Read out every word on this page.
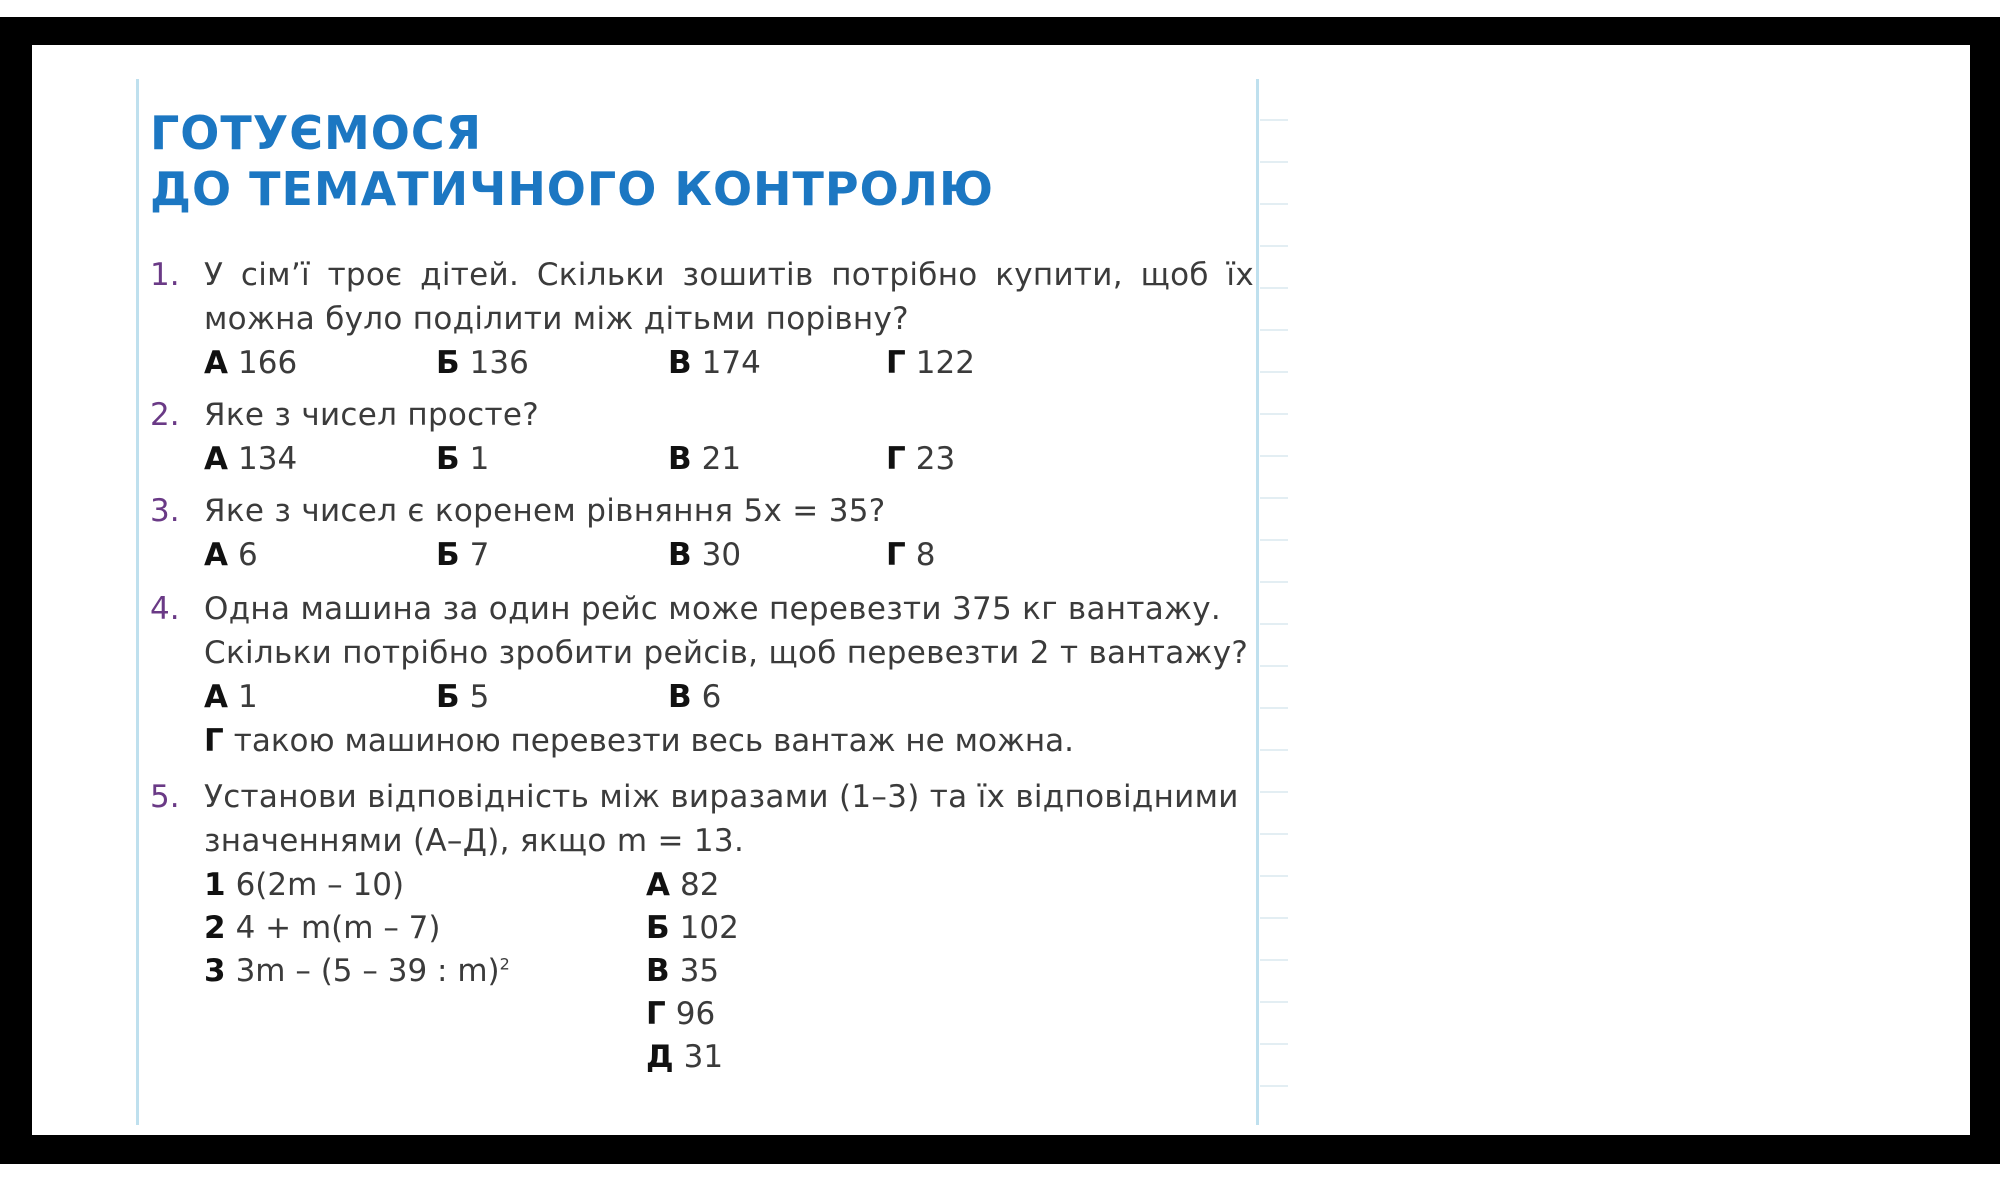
ГОТУЄМОСЯ
ДО ТЕМАТИЧНОГО КОНТРОЛЮ
1. У сім’ї троє дітей. Скільки зошитів потрібно купити, щоб їх
можна було поділити між дітьми порівну?
А 166	Б 136	В 174	Г 122
2. Яке з чисел просте?
А 134	Б 1	В 21	Г 23
3. Яке з чисел є коренем рівняння 5x = 35?
А 6	Б 7	В 30	Г 8
4. Одна машина за один рейс може перевезти 375 кг вантажу.
Скільки потрібно зробити рейсів, щоб перевезти 2 т вантажу?
А 1	Б 5	В 6
Г такою машиною перевезти весь вантаж не можна.
5. Установи відповідність між виразами (1–3) та їх відповідними
значеннями (А–Д), якщо m = 13.
1 6(2m – 10)
2 4 + m(m – 7)
3 3m – (5 – 39 : m)$^2$
А 82
Б 102
В 35
Г 96
Д 31
